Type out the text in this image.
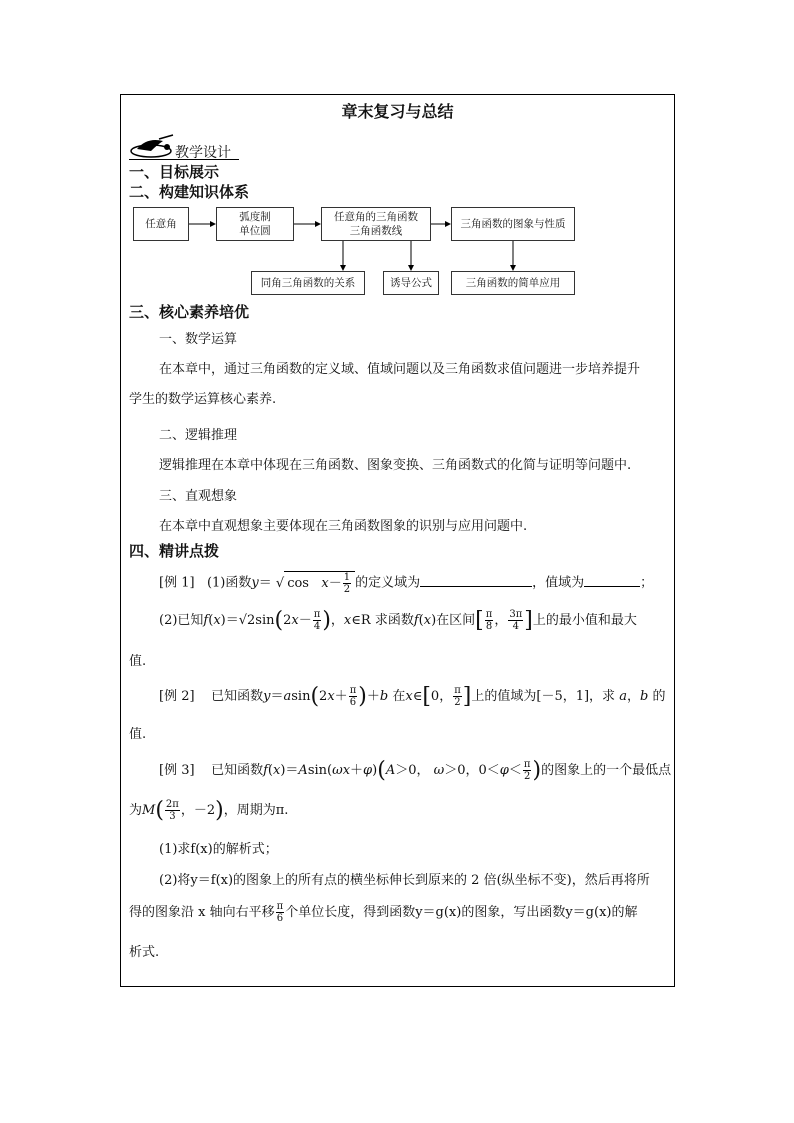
章末复习与总结
教学设计
一、目标展示
二、构建知识体系
任意角
弧度制
单位圆
任意角的三角函数
三角函数线
三角函数的图象与性质
同角三角函数的关系	诱导公式	三角函数的简单应用
三、核心素养培优
一、数学运算
在本章中，通过三角函数的定义域、值域问题以及三角函数求值问题进一步培养提升
学生的数学运算核心素养.
二、逻辑推理
逻辑推理在本章中体现在三角函数、图象变换、三角函数式的化简与证明等问题中.
三、直观想象
在本章中直观想象主要体现在三角函数图象的识别与应用问题中.
四、精讲点拨
[例 1] (1)函数y＝ √ $\cos x- \frac{1}{2}$ 的定义域为	，值域为	；
(2)已知$f(x)=√2\sin(2x- \frac{\pi}{4}$ )，x∈R 求函数f(x)在区间[ $\frac{\pi}{8}$ ， $\frac{3\pi}{4}$ ]上的最小值和最大
值.
[例 2] 已知函数$y=asin(2x+ \frac{\pi}{6} )+b$ 在x∈[0， $\frac{\pi}{2}$ ]上的值域为[－5，1]，求 a，b 的
值.
[例 3] 已知函数f(x)＝Asin(ωx＋φ)(A＞0， ω＞0，$0<\varphi< \frac{\pi}{2}$ )的图象上的一个最低点
为$M( \frac{2\pi}{3}$ ，－2)，周期为π.
(1)求f(x)的解析式；
(2)将y＝f(x)的图象上的所有点的横坐标伸长到原来的 2 倍(纵坐标不变)，然后再将所
得的图象沿 x 轴向右平移 $\frac{\pi}{6}$ 个单位长度，得到函数y＝g(x)的图象，写出函数y＝g(x)的解
析式.
